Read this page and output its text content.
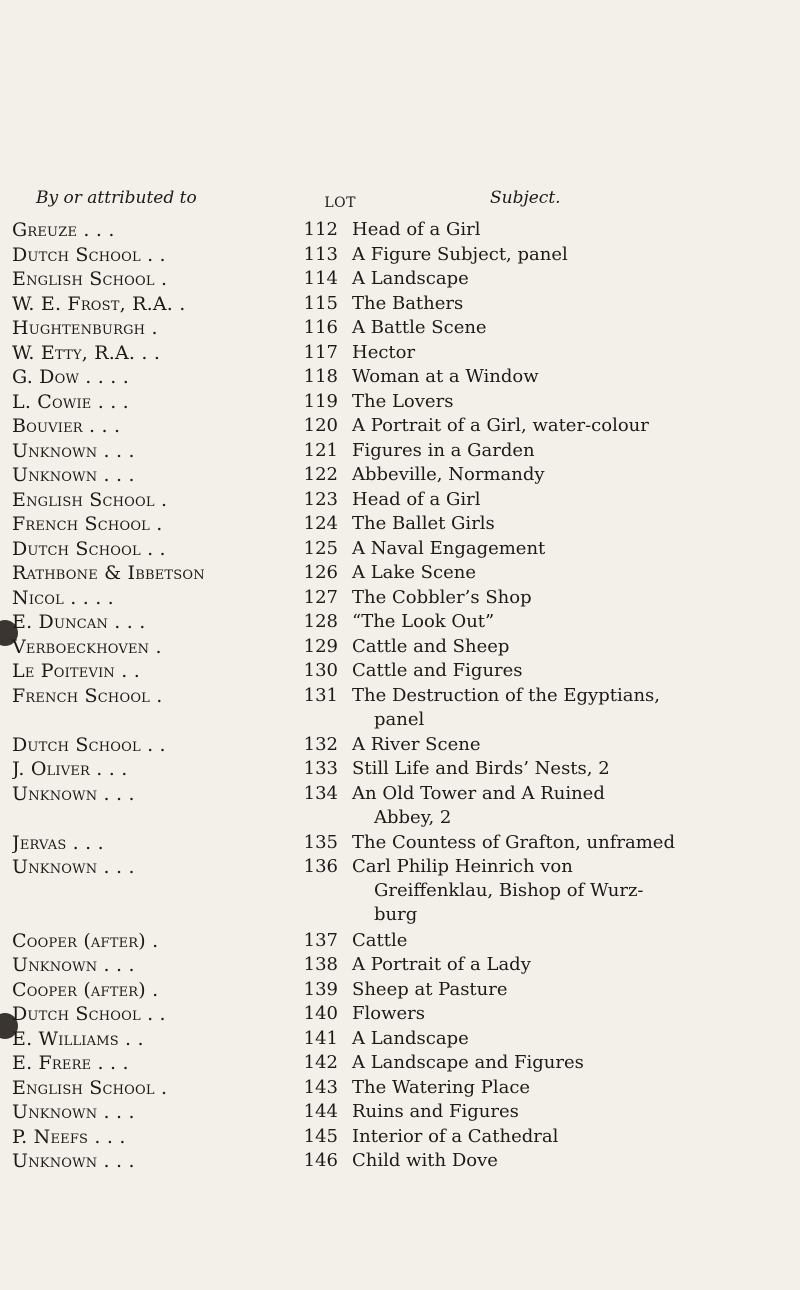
By or attributed to	LOT	Subject.
Greuze . . .	112 Head of a Girl
Dutch School . .	113 A Figure Subject, panel
English School .	114 A Landscape
W. E. Frost, R.A. .	115 The Bathers
Hughtenburgh .	116 A Battle Scene
W. Etty, R.A. . .	117 Hector
G. Dow . . . .	118 Woman at a Window
L. Cowie . . .	119 The Lovers
Bouvier . . .	120 A Portrait of a Girl, water-colour
Unknown . . .	121 Figures in a Garden
Unknown . . .	122 Abbeville, Normandy
English School .	123 Head of a Girl
French School .	124 The Ballet Girls
Dutch School . .	125 A Naval Engagement
Rathbone & Ibbetson	126 A Lake Scene
Nicol . . . .	127 The Cobbler’s Shop
E. Duncan . . .	128 “The Look Out”
Verboeckhoven .	129 Cattle and Sheep
Le Poitevin . .	130 Cattle and Figures
French School .	131 The Destruction of the Egyptians,
panel
Dutch School . .	132 A River Scene
J. Oliver . . .	133 Still Life and Birds’ Nests, 2
Unknown . . .	134 An Old Tower and A Ruined
Abbey, 2
Jervas . . .	135 The Countess of Grafton, unframed
Unknown . . .	136 Carl Philip Heinrich von
Greiffenklau, Bishop of Wurz-
burg
Cooper (after) .	137 Cattle
Unknown . . .	138 A Portrait of a Lady
Cooper (after) .	139 Sheep at Pasture
Dutch School . .	140 Flowers
E. Williams . .	141 A Landscape
E. Frere . . .	142 A Landscape and Figures
English School .	143 The Watering Place
Unknown . . .	144 Ruins and Figures
P. Neefs . . .	145 Interior of a Cathedral
Unknown . . .	146 Child with Dove
